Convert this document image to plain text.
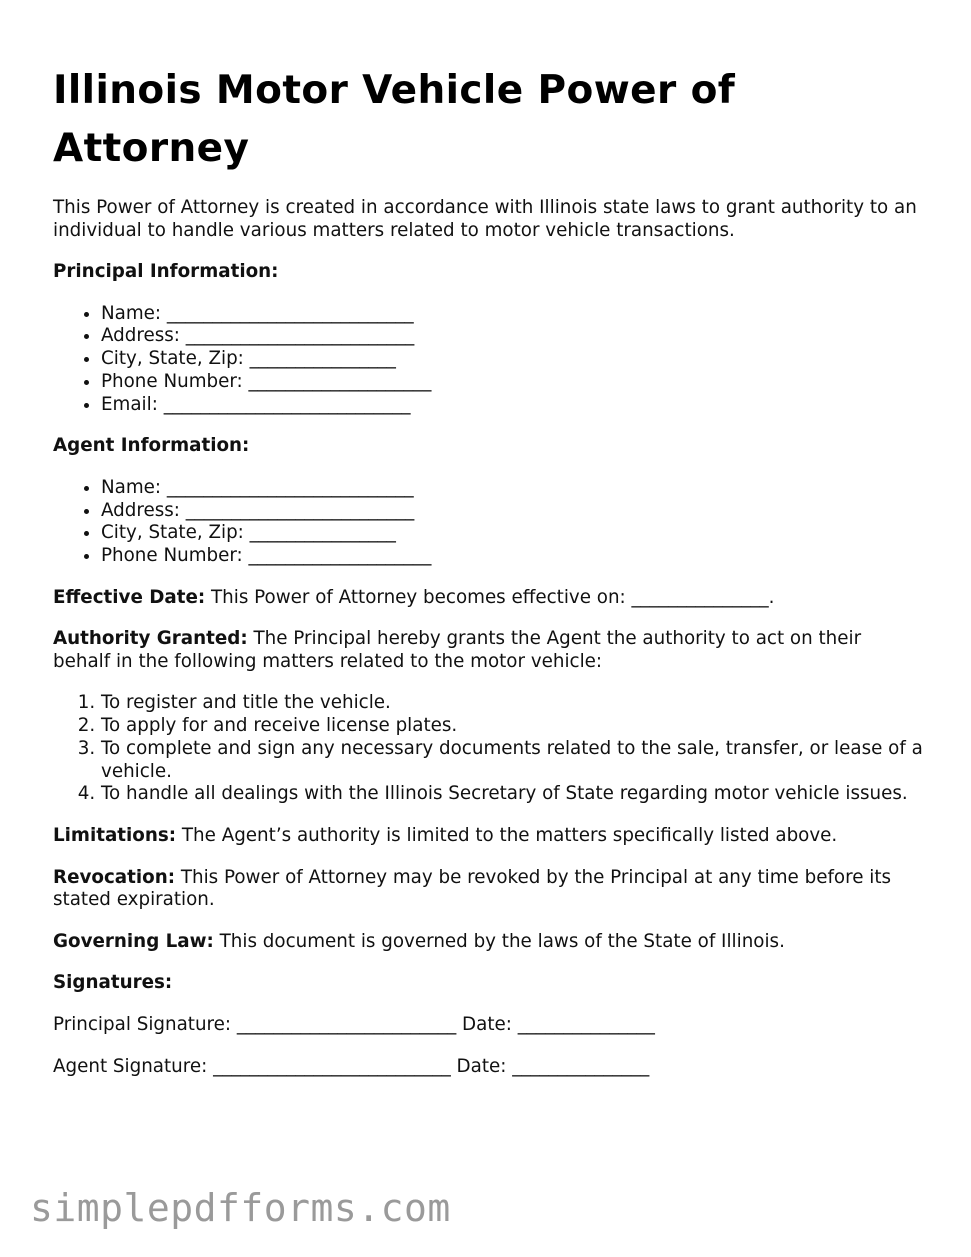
Illinois Motor Vehicle Power of Attorney

This Power of Attorney is created in accordance with Illinois state laws to grant authority to an individual to handle various matters related to motor vehicle transactions.

Principal Information:

• Name: ___________________________
• Address: _________________________
• City, State, Zip: ________________
• Phone Number: ____________________
• Email: ___________________________

Agent Information:

• Name: ___________________________
• Address: _________________________
• City, State, Zip: ________________
• Phone Number: ____________________

Effective Date: This Power of Attorney becomes effective on: _______________.

Authority Granted: The Principal hereby grants the Agent the authority to act on their behalf in the following matters related to the motor vehicle:

1. To register and title the vehicle.
2. To apply for and receive license plates.
3. To complete and sign any necessary documents related to the sale, transfer, or lease of a vehicle.
4. To handle all dealings with the Illinois Secretary of State regarding motor vehicle issues.

Limitations: The Agent’s authority is limited to the matters specifically listed above.

Revocation: This Power of Attorney may be revoked by the Principal at any time before its stated expiration.

Governing Law: This document is governed by the laws of the State of Illinois.

Signatures:

Principal Signature: ________________________ Date: _______________

Agent Signature: __________________________ Date: _______________

simplepdfforms.com
